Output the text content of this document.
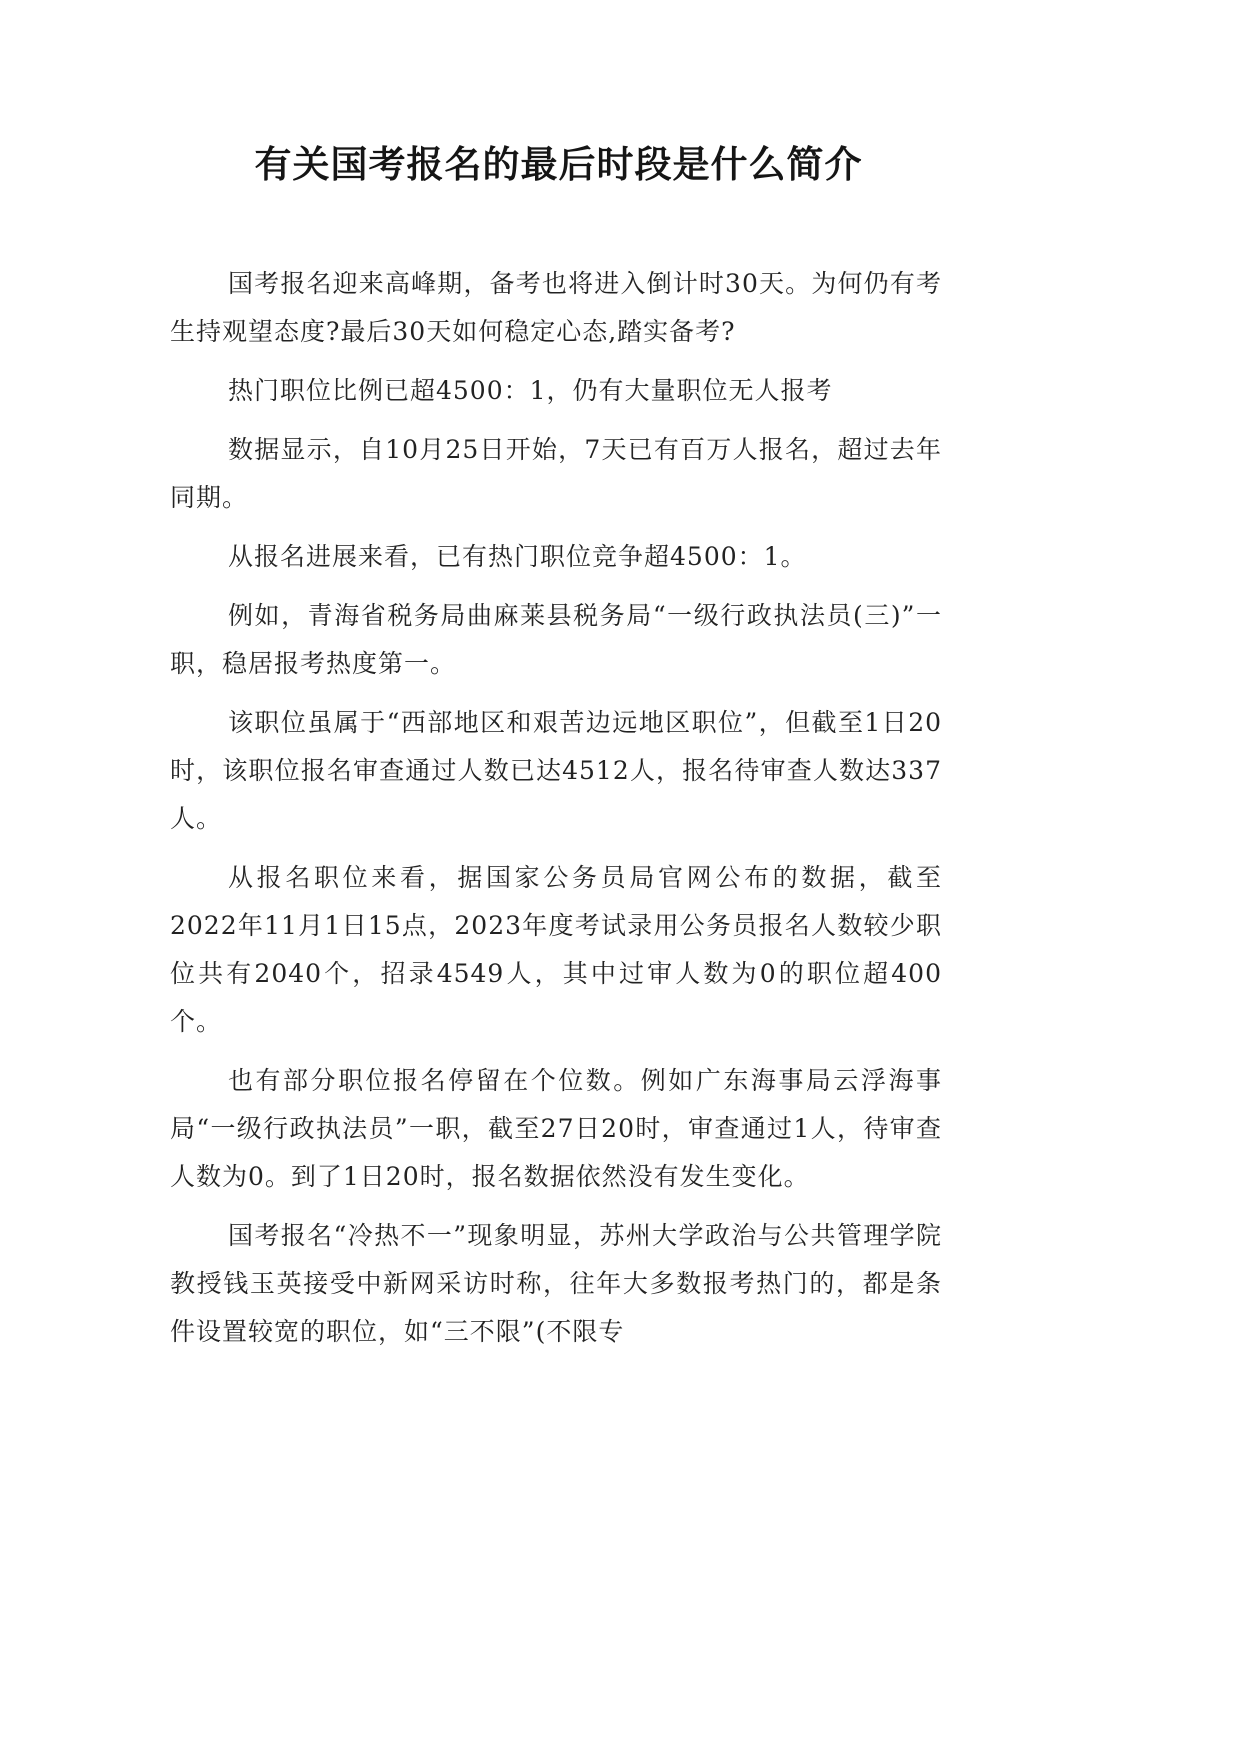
有关国考报名的最后时段是什么简介

国考报名迎来高峰期，备考也将进入倒计时30天。为何仍有考生持观望态度?最后30天如何稳定心态,踏实备考?

热门职位比例已超4500：1，仍有大量职位无人报考

数据显示，自10月25日开始，7天已有百万人报名，超过去年同期。

从报名进展来看，已有热门职位竞争超4500：1。

例如，青海省税务局曲麻莱县税务局“一级行政执法员(三)”一职，稳居报考热度第一。

该职位虽属于“西部地区和艰苦边远地区职位”，但截至1日20时，该职位报名审查通过人数已达4512人，报名待审查人数达337人。

从报名职位来看，据国家公务员局官网公布的数据，截至2022年11月1日15点，2023年度考试录用公务员报名人数较少职位共有2040个，招录4549人，其中过审人数为0的职位超400个。

也有部分职位报名停留在个位数。例如广东海事局云浮海事局“一级行政执法员”一职，截至27日20时，审查通过1人，待审查人数为0。到了1日20时，报名数据依然没有发生变化。

国考报名“冷热不一”现象明显，苏州大学政治与公共管理学院教授钱玉英接受中新网采访时称，往年大多数报考热门的，都是条件设置较宽的职位，如“三不限”(不限专
